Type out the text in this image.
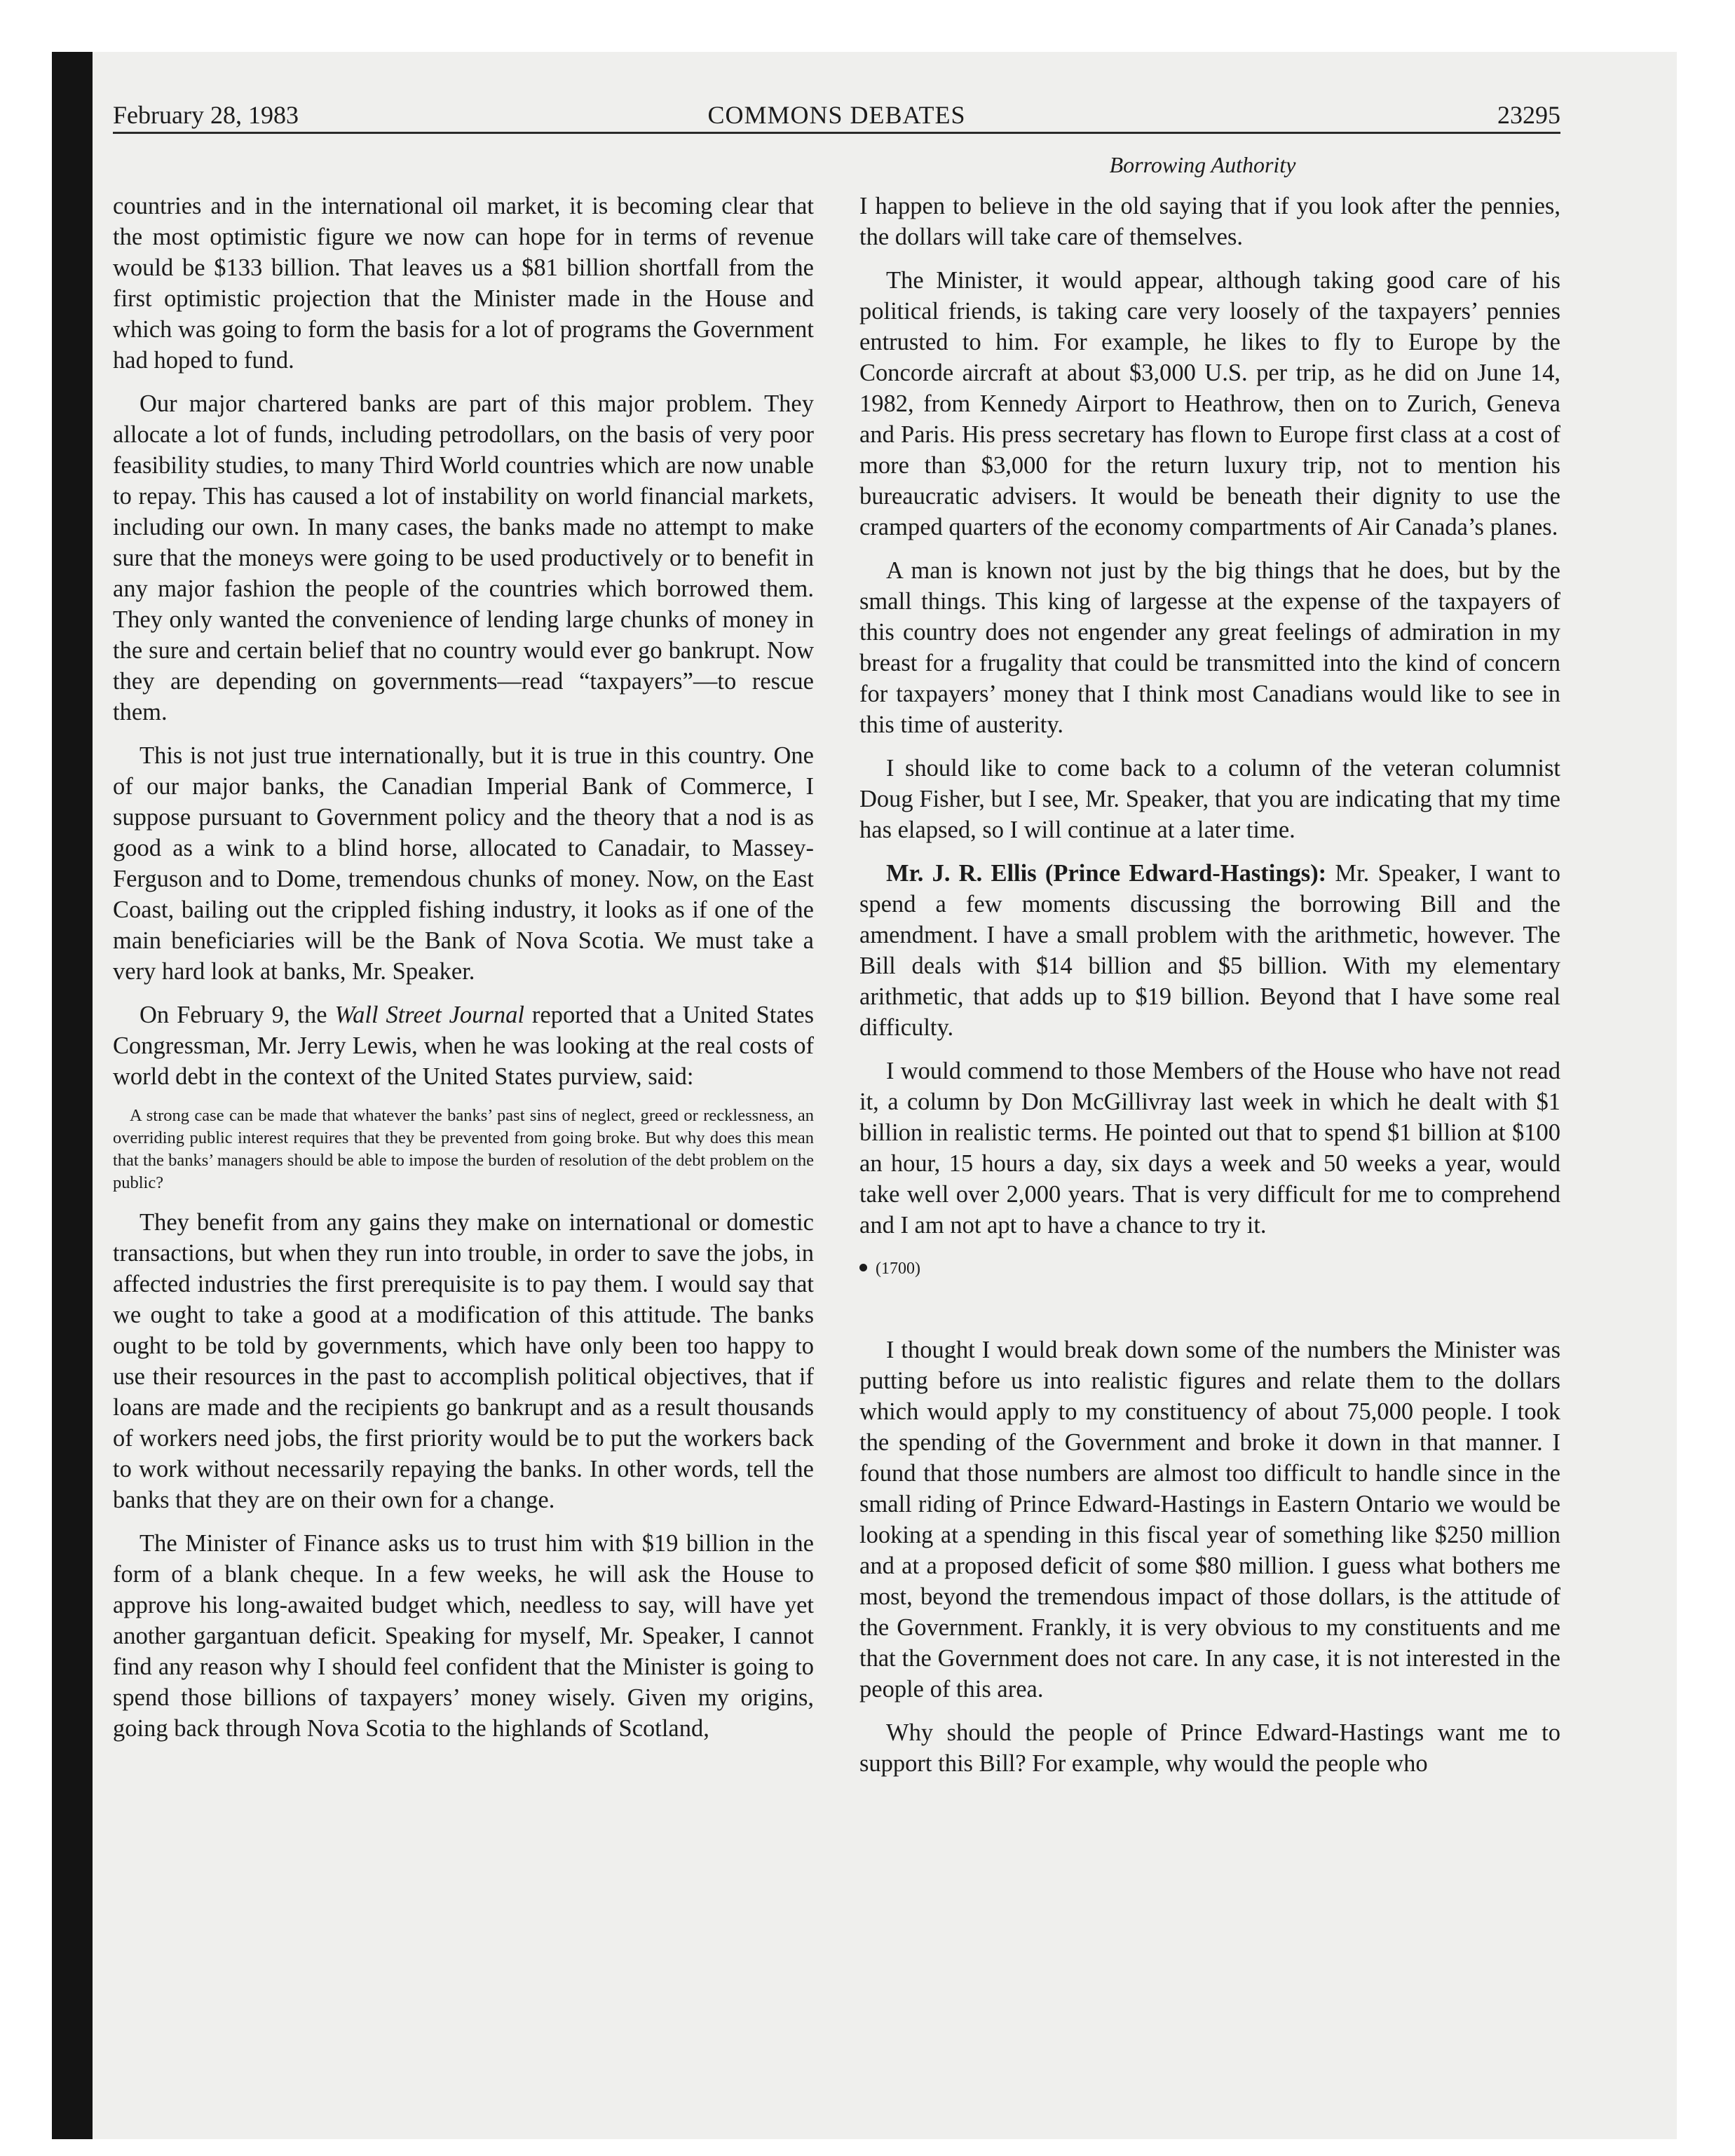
COMMONS DEBATES
February 28, 1983	23295
Borrowing Authority

countries and in the international oil market, it is becoming clear that the most optimistic figure we now can hope for in terms of revenue would be $133 billion. That leaves us a $81 billion shortfall from the first optimistic projection that the Minister made in the House and which was going to form the basis for a lot of programs the Government had hoped to fund.

Our major chartered banks are part of this major problem. They allocate a lot of funds, including petrodollars, on the basis of very poor feasibility studies, to many Third World countries which are now unable to repay. This has caused a lot of instability on world financial markets, including our own. In many cases, the banks made no attempt to make sure that the moneys were going to be used productively or to benefit in any major fashion the people of the countries which borrowed them. They only wanted the convenience of lending large chunks of money in the sure and certain belief that no country would ever go bankrupt. Now they are depending on governments—read “taxpayers”—to rescue them.

This is not just true internationally, but it is true in this country. One of our major banks, the Canadian Imperial Bank of Commerce, I suppose pursuant to Government policy and the theory that a nod is as good as a wink to a blind horse, allocated to Canadair, to Massey-Ferguson and to Dome, tremendous chunks of money. Now, on the East Coast, bailing out the crippled fishing industry, it looks as if one of the main beneficiaries will be the Bank of Nova Scotia. We must take a very hard look at banks, Mr. Speaker.

On February 9, the Wall Street Journal reported that a United States Congressman, Mr. Jerry Lewis, when he was looking at the real costs of world debt in the context of the United States purview, said:

A strong case can be made that whatever the banks’ past sins of neglect, greed or recklessness, an overriding public interest requires that they be prevented from going broke. But why does this mean that the banks’ managers should be able to impose the burden of resolution of the debt problem on the public?

They benefit from any gains they make on international or domestic transactions, but when they run into trouble, in order to save the jobs, in affected industries the first prerequisite is to pay them. I would say that we ought to take a good at a modification of this attitude. The banks ought to be told by governments, which have only been too happy to use their resources in the past to accomplish political objectives, that if loans are made and the recipients go bankrupt and as a result thousands of workers need jobs, the first priority would be to put the workers back to work without necessarily repaying the banks. In other words, tell the banks that they are on their own for a change.

The Minister of Finance asks us to trust him with $19 billion in the form of a blank cheque. In a few weeks, he will ask the House to approve his long-awaited budget which, needless to say, will have yet another gargantuan deficit. Speaking for myself, Mr. Speaker, I cannot find any reason why I should feel confident that the Minister is going to spend those billions of taxpayers’ money wisely. Given my origins, going back through Nova Scotia to the highlands of Scotland,

I happen to believe in the old saying that if you look after the pennies, the dollars will take care of themselves.

The Minister, it would appear, although taking good care of his political friends, is taking care very loosely of the taxpayers’ pennies entrusted to him. For example, he likes to fly to Europe by the Concorde aircraft at about $3,000 U.S. per trip, as he did on June 14, 1982, from Kennedy Airport to Heathrow, then on to Zurich, Geneva and Paris. His press secretary has flown to Europe first class at a cost of more than $3,000 for the return luxury trip, not to mention his bureaucratic advisers. It would be beneath their dignity to use the cramped quarters of the economy compartments of Air Canada’s planes.

A man is known not just by the big things that he does, but by the small things. This king of largesse at the expense of the taxpayers of this country does not engender any great feelings of admiration in my breast for a frugality that could be transmitted into the kind of concern for taxpayers’ money that I think most Canadians would like to see in this time of austerity.

I should like to come back to a column of the veteran columnist Doug Fisher, but I see, Mr. Speaker, that you are indicating that my time has elapsed, so I will continue at a later time.

Mr. J. R. Ellis (Prince Edward-Hastings): Mr. Speaker, I want to spend a few moments discussing the borrowing Bill and the amendment. I have a small problem with the arithmetic, however. The Bill deals with $14 billion and $5 billion. With my elementary arithmetic, that adds up to $19 billion. Beyond that I have some real difficulty.

I would commend to those Members of the House who have not read it, a column by Don McGillivray last week in which he dealt with $1 billion in realistic terms. He pointed out that to spend $1 billion at $100 an hour, 15 hours a day, six days a week and 50 weeks a year, would take well over 2,000 years. That is very difficult for me to comprehend and I am not apt to have a chance to try it.

(1700)

I thought I would break down some of the numbers the Minister was putting before us into realistic figures and relate them to the dollars which would apply to my constituency of about 75,000 people. I took the spending of the Government and broke it down in that manner. I found that those numbers are almost too difficult to handle since in the small riding of Prince Edward-Hastings in Eastern Ontario we would be looking at a spending in this fiscal year of something like $250 million and at a proposed deficit of some $80 million. I guess what bothers me most, beyond the tremendous impact of those dollars, is the attitude of the Government. Frankly, it is very obvious to my constituents and me that the Government does not care. In any case, it is not interested in the people of this area.

Why should the people of Prince Edward-Hastings want me to support this Bill? For example, why would the people who
